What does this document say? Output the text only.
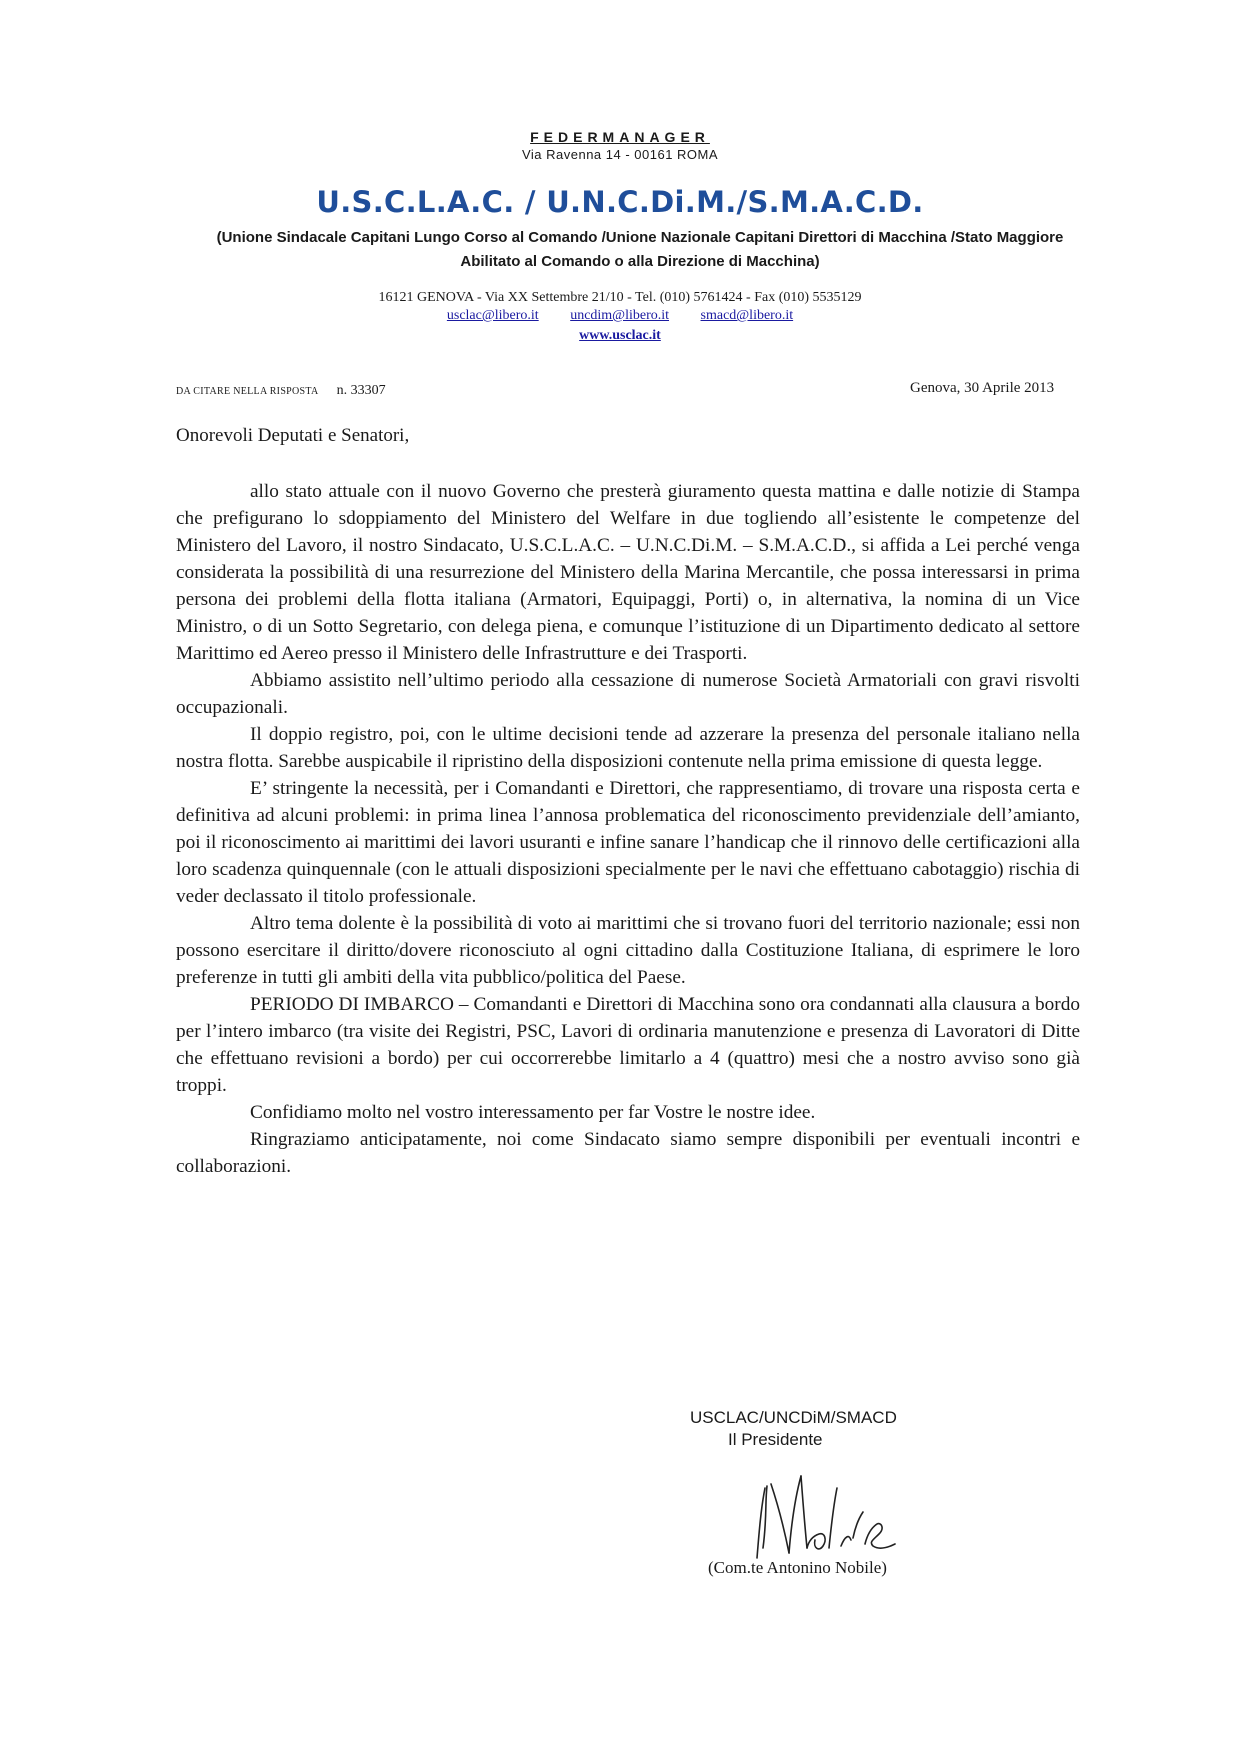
FEDERMANAGER
Via Ravenna 14 - 00161 ROMA
U.S.C.L.A.C. / U.N.C.Di.M./S.M.A.C.D.
(Unione Sindacale Capitani Lungo Corso al Comando /Unione Nazionale Capitani Direttori di Macchina /Stato Maggiore Abilitato al Comando o alla Direzione di Macchina)
16121 GENOVA - Via XX Settembre 21/10 - Tel. (010) 5761424 - Fax (010) 5535129
usclac@libero.it uncdim@libero.it smacd@libero.it
www.usclac.it
DA CITARE NELLA RISPOSTA n. 33307	Genova, 30 Aprile 2013
Onorevoli Deputati e Senatori,

allo stato attuale con il nuovo Governo che presterà giuramento questa mattina e dalle notizie di Stampa che prefigurano lo sdoppiamento del Ministero del Welfare in due togliendo all’esistente le competenze del Ministero del Lavoro, il nostro Sindacato, U.S.C.L.A.C. – U.N.C.Di.M. – S.M.A.C.D., si affida a Lei perché venga considerata la possibilità di una resurrezione del Ministero della Marina Mercantile, che possa interessarsi in prima persona dei problemi della flotta italiana (Armatori, Equipaggi, Porti) o, in alternativa, la nomina di un Vice Ministro, o di un Sotto Segretario, con delega piena, e comunque l’istituzione di un Dipartimento dedicato al settore Marittimo ed Aereo presso il Ministero delle Infrastrutture e dei Trasporti.

Abbiamo assistito nell’ultimo periodo alla cessazione di numerose Società Armatoriali con gravi risvolti occupazionali.

Il doppio registro, poi, con le ultime decisioni tende ad azzerare la presenza del personale italiano nella nostra flotta. Sarebbe auspicabile il ripristino della disposizioni contenute nella prima emissione di questa legge.

E’ stringente la necessità, per i Comandanti e Direttori, che rappresentiamo, di trovare una risposta certa e definitiva ad alcuni problemi: in prima linea l’annosa problematica del riconoscimento previdenziale dell’amianto, poi il riconoscimento ai marittimi dei lavori usuranti e infine sanare l’handicap che il rinnovo delle certificazioni alla loro scadenza quinquennale (con le attuali disposizioni specialmente per le navi che effettuano cabotaggio) rischia di veder declassato il titolo professionale.

Altro tema dolente è la possibilità di voto ai marittimi che si trovano fuori del territorio nazionale; essi non possono esercitare il diritto/dovere riconosciuto al ogni cittadino dalla Costituzione Italiana, di esprimere le loro preferenze in tutti gli ambiti della vita pubblico/politica del Paese.

PERIODO DI IMBARCO – Comandanti e Direttori di Macchina sono ora condannati alla clausura a bordo per l’intero imbarco (tra visite dei Registri, PSC, Lavori di ordinaria manutenzione e presenza di Lavoratori di Ditte che effettuano revisioni a bordo) per cui occorrerebbe limitarlo a 4 (quattro) mesi che a nostro avviso sono già troppi.

Confidiamo molto nel vostro interessamento per far Vostre le nostre idee.

Ringraziamo anticipatamente, noi come Sindacato siamo sempre disponibili per eventuali incontri e collaborazioni.

USCLAC/UNCDiM/SMACD
Il Presidente
(Com.te Antonino Nobile)
